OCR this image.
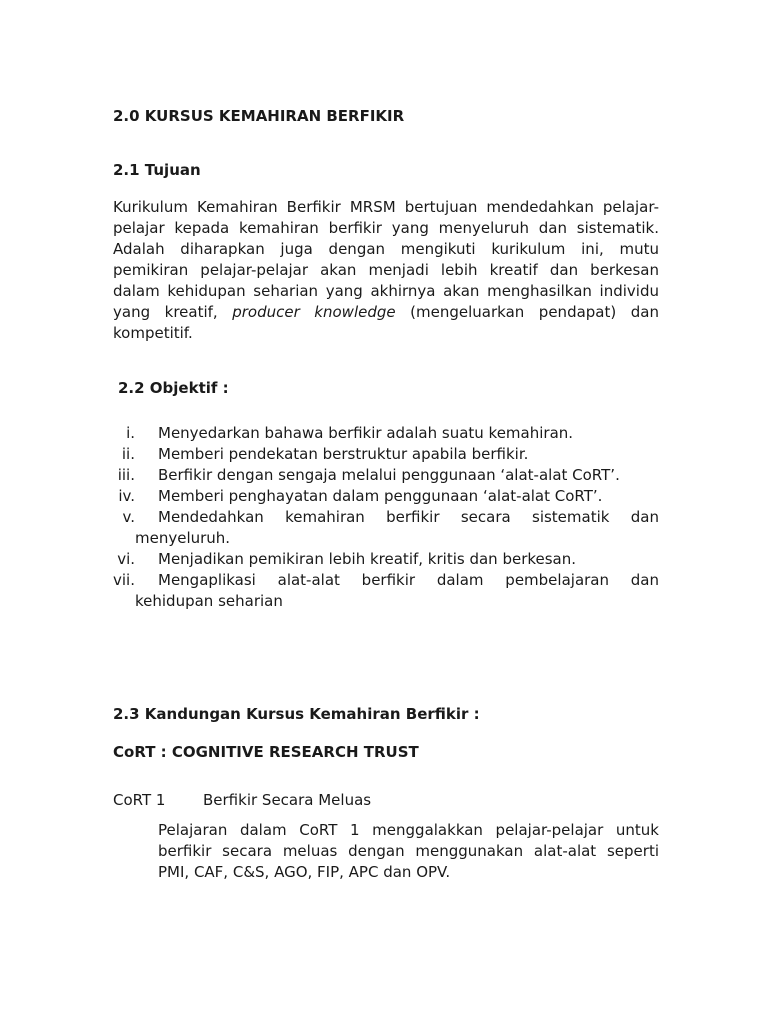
2.0 KURSUS KEMAHIRAN BERFIKIR
2.1 Tujuan
Kurikulum Kemahiran Berfikir MRSM bertujuan mendedahkan pelajar-
pelajar kepada kemahiran berfikir yang menyeluruh dan sistematik.
Adalah diharapkan juga dengan mengikuti kurikulum ini, mutu
pemikiran pelajar-pelajar akan menjadi lebih kreatif dan berkesan
dalam kehidupan seharian yang akhirnya akan menghasilkan individu
yang kreatif, producer knowledge (mengeluarkan pendapat) dan
kompetitif.
2.2 Objektif :
i. Menyedarkan bahawa berfikir adalah suatu kemahiran.
ii. Memberi pendekatan berstruktur apabila berfikir.
iii. Berfikir dengan sengaja melalui penggunaan ‘alat-alat CoRT’.
iv. Memberi penghayatan dalam penggunaan ‘alat-alat CoRT’.
v. Mendedahkan kemahiran berfikir secara sistematik dan
menyeluruh.
vi. Menjadikan pemikiran lebih kreatif, kritis dan berkesan.
vii. Mengaplikasi alat-alat berfikir dalam pembelajaran dan
kehidupan seharian
2.3 Kandungan Kursus Kemahiran Berfikir :
CoRT : COGNITIVE RESEARCH TRUST
CoRT 1	Berfikir Secara Meluas
Pelajaran dalam CoRT 1 menggalakkan pelajar-pelajar untuk
berfikir secara meluas dengan menggunakan alat-alat seperti
PMI, CAF, C&S, AGO, FIP, APC dan OPV.
